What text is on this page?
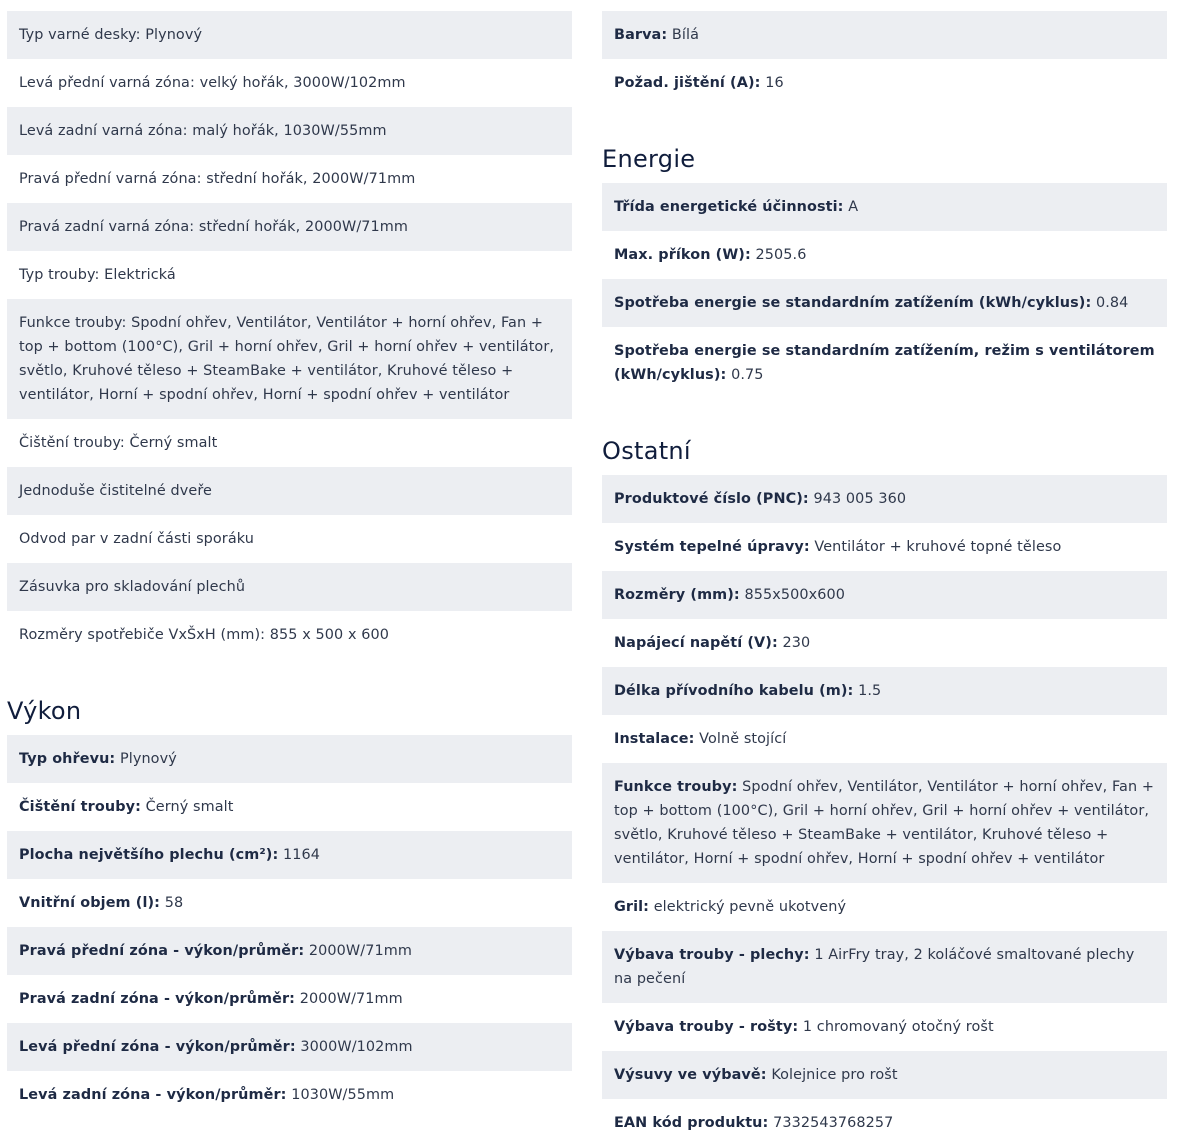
Typ varné desky: Plynový
Levá přední varná zóna: velký hořák, 3000W/102mm
Levá zadní varná zóna: malý hořák, 1030W/55mm
Pravá přední varná zóna: střední hořák, 2000W/71mm
Pravá zadní varná zóna: střední hořák, 2000W/71mm
Typ trouby: Elektrická
Funkce trouby: Spodní ohřev, Ventilátor, Ventilátor + horní ohřev, Fan + top + bottom (100°C), Gril + horní ohřev, Gril + horní ohřev + ventilátor, světlo, Kruhové těleso + SteamBake + ventilátor, Kruhové těleso + ventilátor, Horní + spodní ohřev, Horní + spodní ohřev + ventilátor
Čištění trouby: Černý smalt
Jednoduše čistitelné dveře
Odvod par v zadní části sporáku
Zásuvka pro skladování plechů
Rozměry spotřebiče VxŠxH (mm): 855 x 500 x 600
Výkon
Typ ohřevu: Plynový
Čištění trouby: Černý smalt
Plocha největšího plechu (cm²): 1164
Vnitřní objem (l): 58
Pravá přední zóna - výkon/průměr: 2000W/71mm
Pravá zadní zóna - výkon/průměr: 2000W/71mm
Levá přední zóna - výkon/průměr: 3000W/102mm
Levá zadní zóna - výkon/průměr: 1030W/55mm
Barva: Bílá
Požad. jištění (A): 16
Energie
Třída energetické účinnosti: A
Max. příkon (W): 2505.6
Spotřeba energie se standardním zatížením (kWh/cyklus): 0.84
Spotřeba energie se standardním zatížením, režim s ventilátorem (kWh/cyklus): 0.75
Ostatní
Produktové číslo (PNC): 943 005 360
Systém tepelné úpravy: Ventilátor + kruhové topné těleso
Rozměry (mm): 855x500x600
Napájecí napětí (V): 230
Délka přívodního kabelu (m): 1.5
Instalace: Volně stojící
Funkce trouby: Spodní ohřev, Ventilátor, Ventilátor + horní ohřev, Fan + top + bottom (100°C), Gril + horní ohřev, Gril + horní ohřev + ventilátor, světlo, Kruhové těleso + SteamBake + ventilátor, Kruhové těleso + ventilátor, Horní + spodní ohřev, Horní + spodní ohřev + ventilátor
Gril: elektrický pevně ukotvený
Výbava trouby - plechy: 1 AirFry tray, 2 koláčové smaltované plechy na pečení
Výbava trouby - rošty: 1 chromovaný otočný rošt
Výsuvy ve výbavě: Kolejnice pro rošt
EAN kód produktu: 7332543768257
